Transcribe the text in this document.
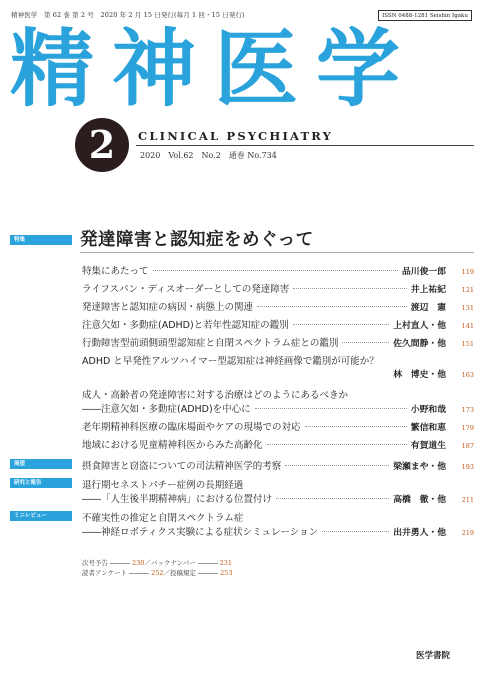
精神医学　第 62 巻 第 2 号　2020 年 2 月 15 日発行(毎月 1 回・15 日発行)	ISSN 0488-1281 Seishin Igaku
精神医学
2	CLINICAL PSYCHIATRY
2020　Vol.62　No.2　通巻 No.734
特集	発達障害と認知症をめぐって
特集にあたって	品川俊一郎	119
ライフスパン・ディスオーダーとしての発達障害	井上祐紀	121
発達障害と認知症の病因・病態上の関連	渡辺　憲	131
注意欠如・多動症(ADHD)と若年性認知症の鑑別	上村直人・他	141
行動障害型前頭側頭型認知症と自閉スペクトラム症との鑑別	佐久間静・他	151
ADHD と早発性アルツハイマー型認知症は神経画像で鑑別が可能か？
林　博史・他	163
成人・高齢者の発達障害に対する治療はどのようにあるべきか
――注意欠如・多動症(ADHD)を中心に	小野和哉	173
老年期精神科医療の臨床場面やケアの現場での対応	繁信和恵	179
地域における児童精神科医からみた高齢化	有賀道生	187
展望	摂食障害と窃盗についての司法精神医学的考察	梁瀬まや・他	193
研究と報告	退行期セネストパチー症例の長期経過
――「人生後半期精神病」における位置付け	高橋　徹・他	211
ミニレビュー	不確実性の推定と自閉スペクトラム症
――神経ロボティクス実験による症状シミュレーション	出井勇人・他	219
次号予告	230／バックナンバー	231
読者アンケート	252／投稿規定	253
医学書院
